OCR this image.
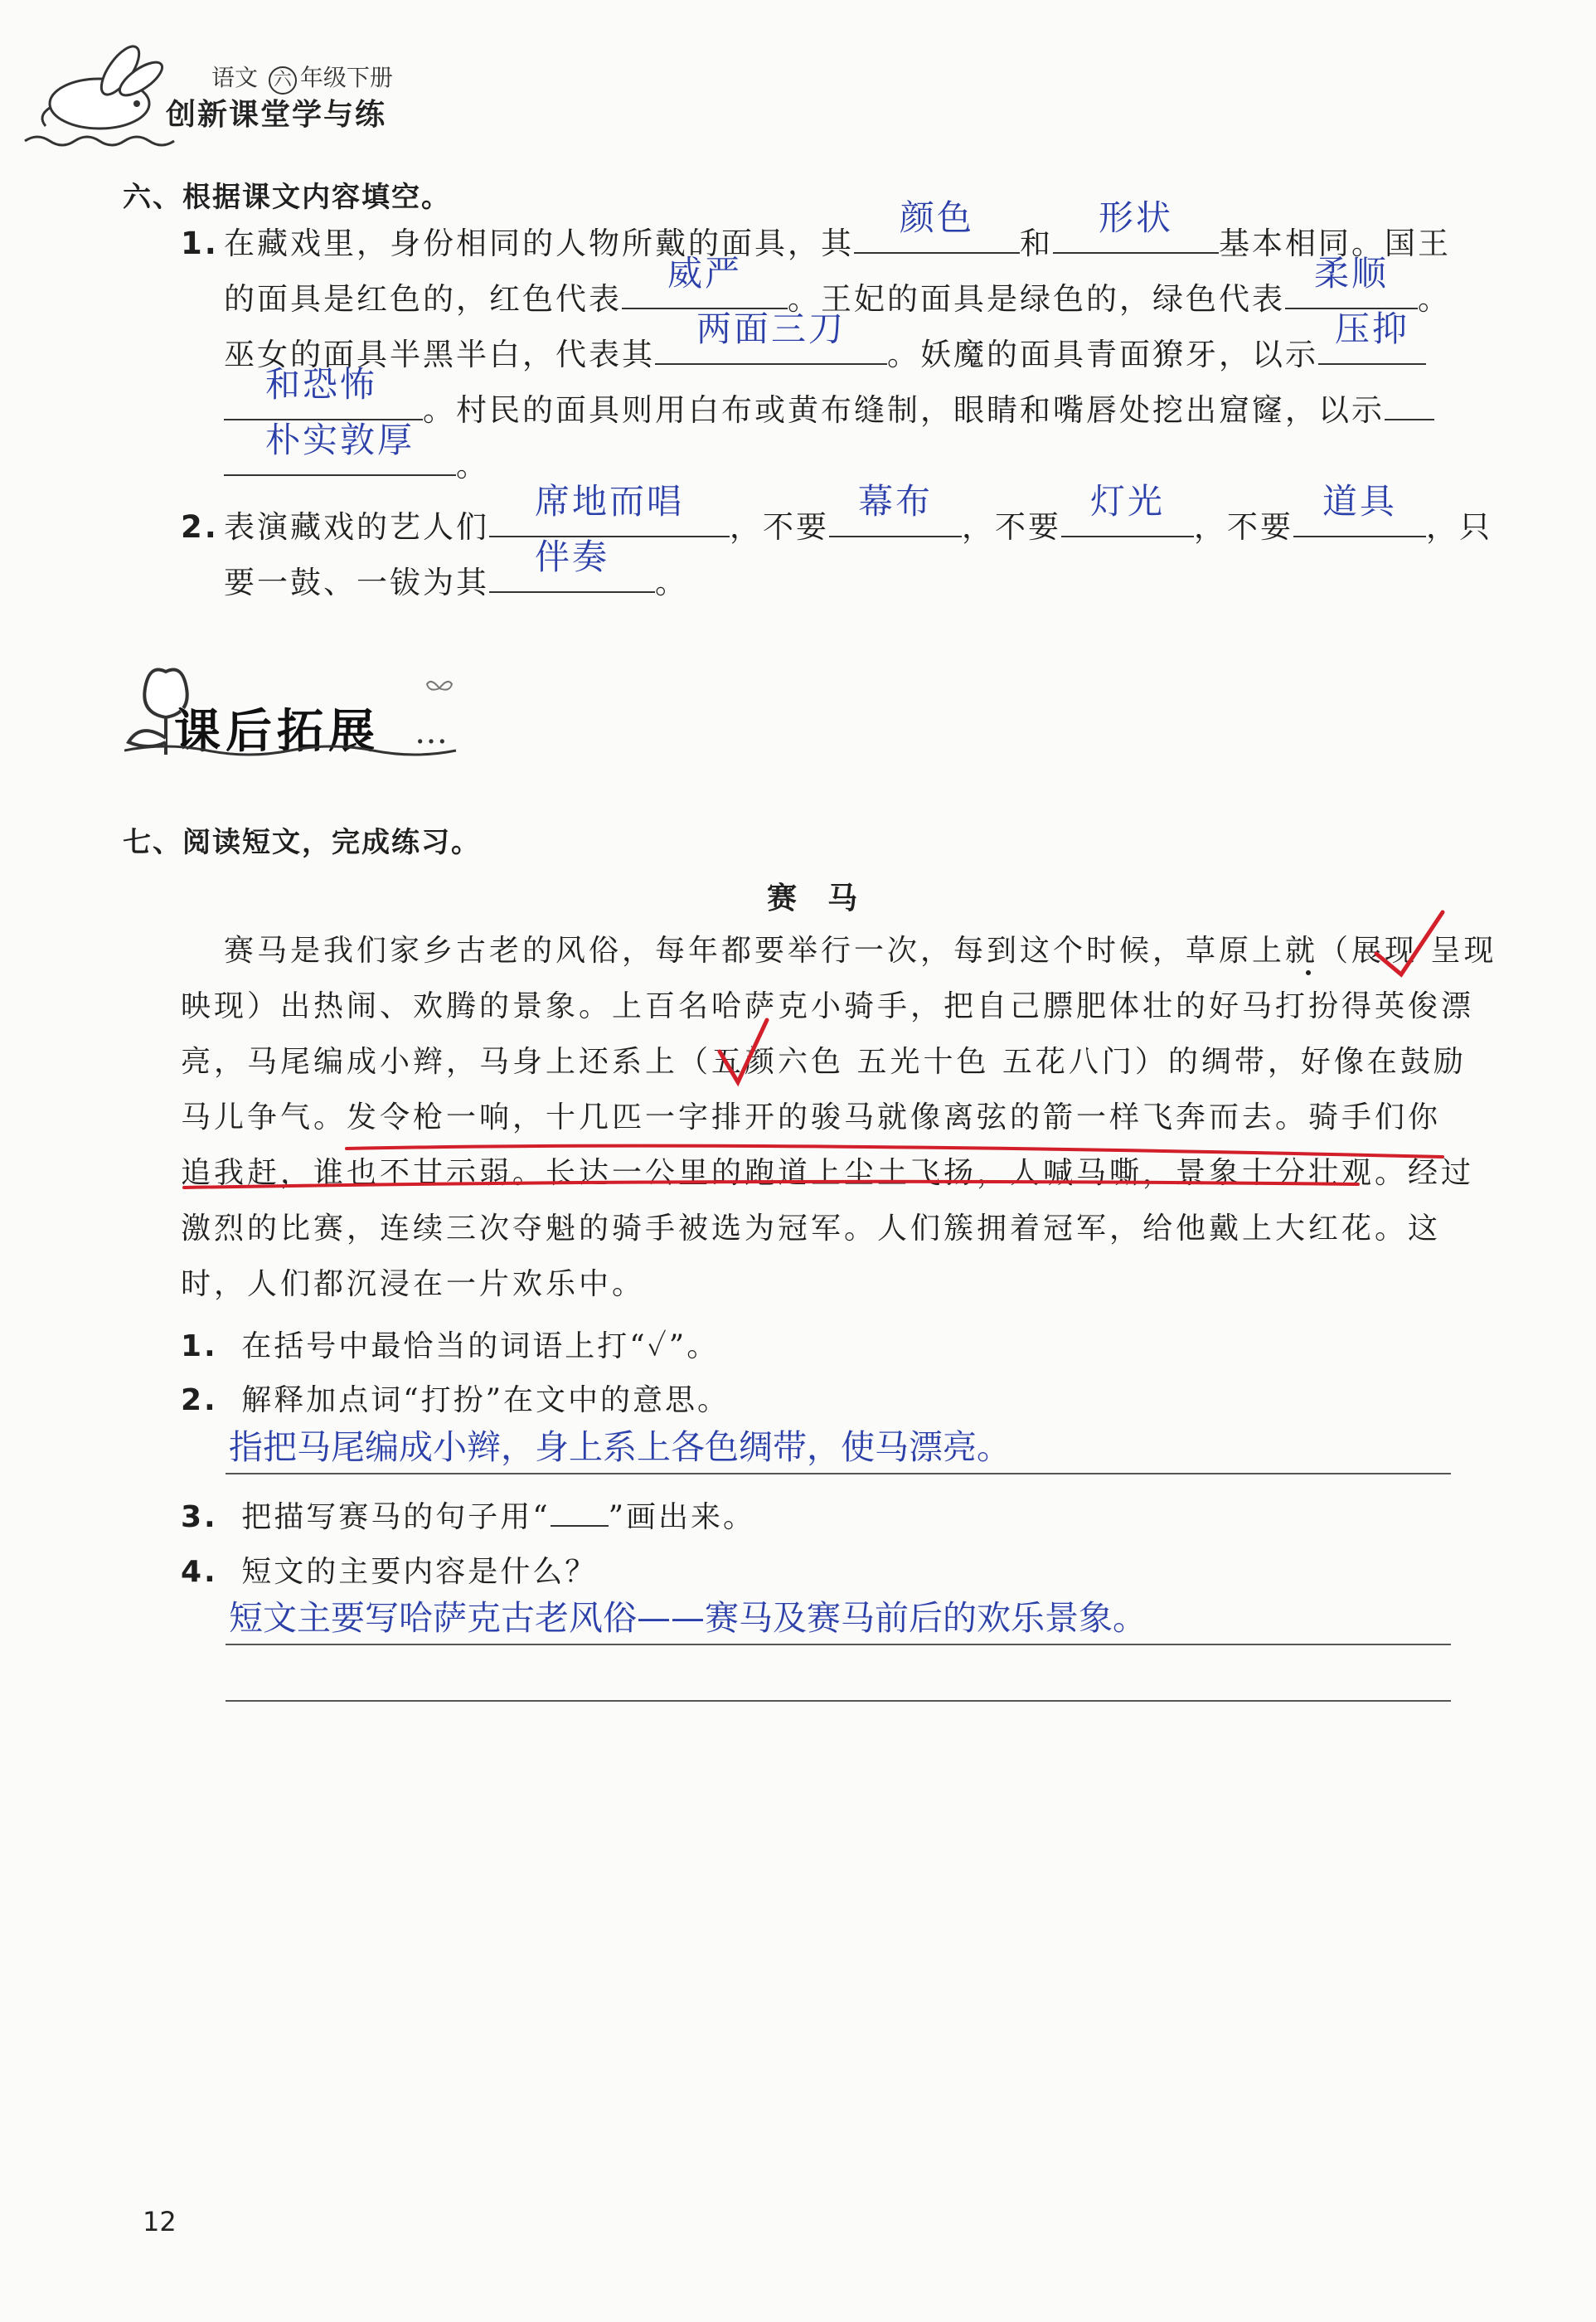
语文 六 年级下册
创新课堂学与练
六、根据课文内容填空。
1. 在藏戏里，身份相同的人物所戴的面具，其
颜色
和
形状
基本相同。国王
的面具是红色的，红色代表
威严
。王妃的面具是绿色的，绿色代表
柔顺
。
巫女的面具半黑半白，代表其
两面三刀
。妖魔的面具青面獠牙，以示
压抑
和恐怖
。村民的面具则用白布或黄布缝制，眼睛和嘴唇处挖出窟窿，以示
朴实敦厚
。
2. 表演藏戏的艺人们
席地而唱
，不要
幕布
，不要
灯光
，不要
道具
，只
要一鼓、一钹为其
伴奏
。
课后拓展 …
七、阅读短文，完成练习。
赛  马
赛马是我们家乡古老的风俗，每年都要举行一次，每到这个时候，草原上就（展现 呈现
映现）出热闹、欢腾的景象。上百名哈萨克小骑手，把自己膘肥体壮的好马打扮得英俊漂
亮，马尾编成小辫，马身上还系上（五颜六色 五光十色 五花八门）的绸带，好像在鼓励
马儿争气。发令枪一响，十几匹一字排开的骏马就像离弦的箭一样飞奔而去。骑手们你
追我赶，谁也不甘示弱。长达一公里的跑道上尘土飞扬，人喊马嘶，景象十分壮观。经过
激烈的比赛，连续三次夺魁的骑手被选为冠军。人们簇拥着冠军，给他戴上大红花。这
时，人们都沉浸在一片欢乐中。
1. 在括号中最恰当的词语上打“✓”。
2. 解释加点词“打扮”在文中的意思。
指把马尾编成小辫，身上系上各色绸带，使马漂亮。
3. 把描写赛马的句子用“ ”画出来。
4. 短文的主要内容是什么？
短文主要写哈萨克古老风俗——赛马及赛马前后的欢乐景象。
12
